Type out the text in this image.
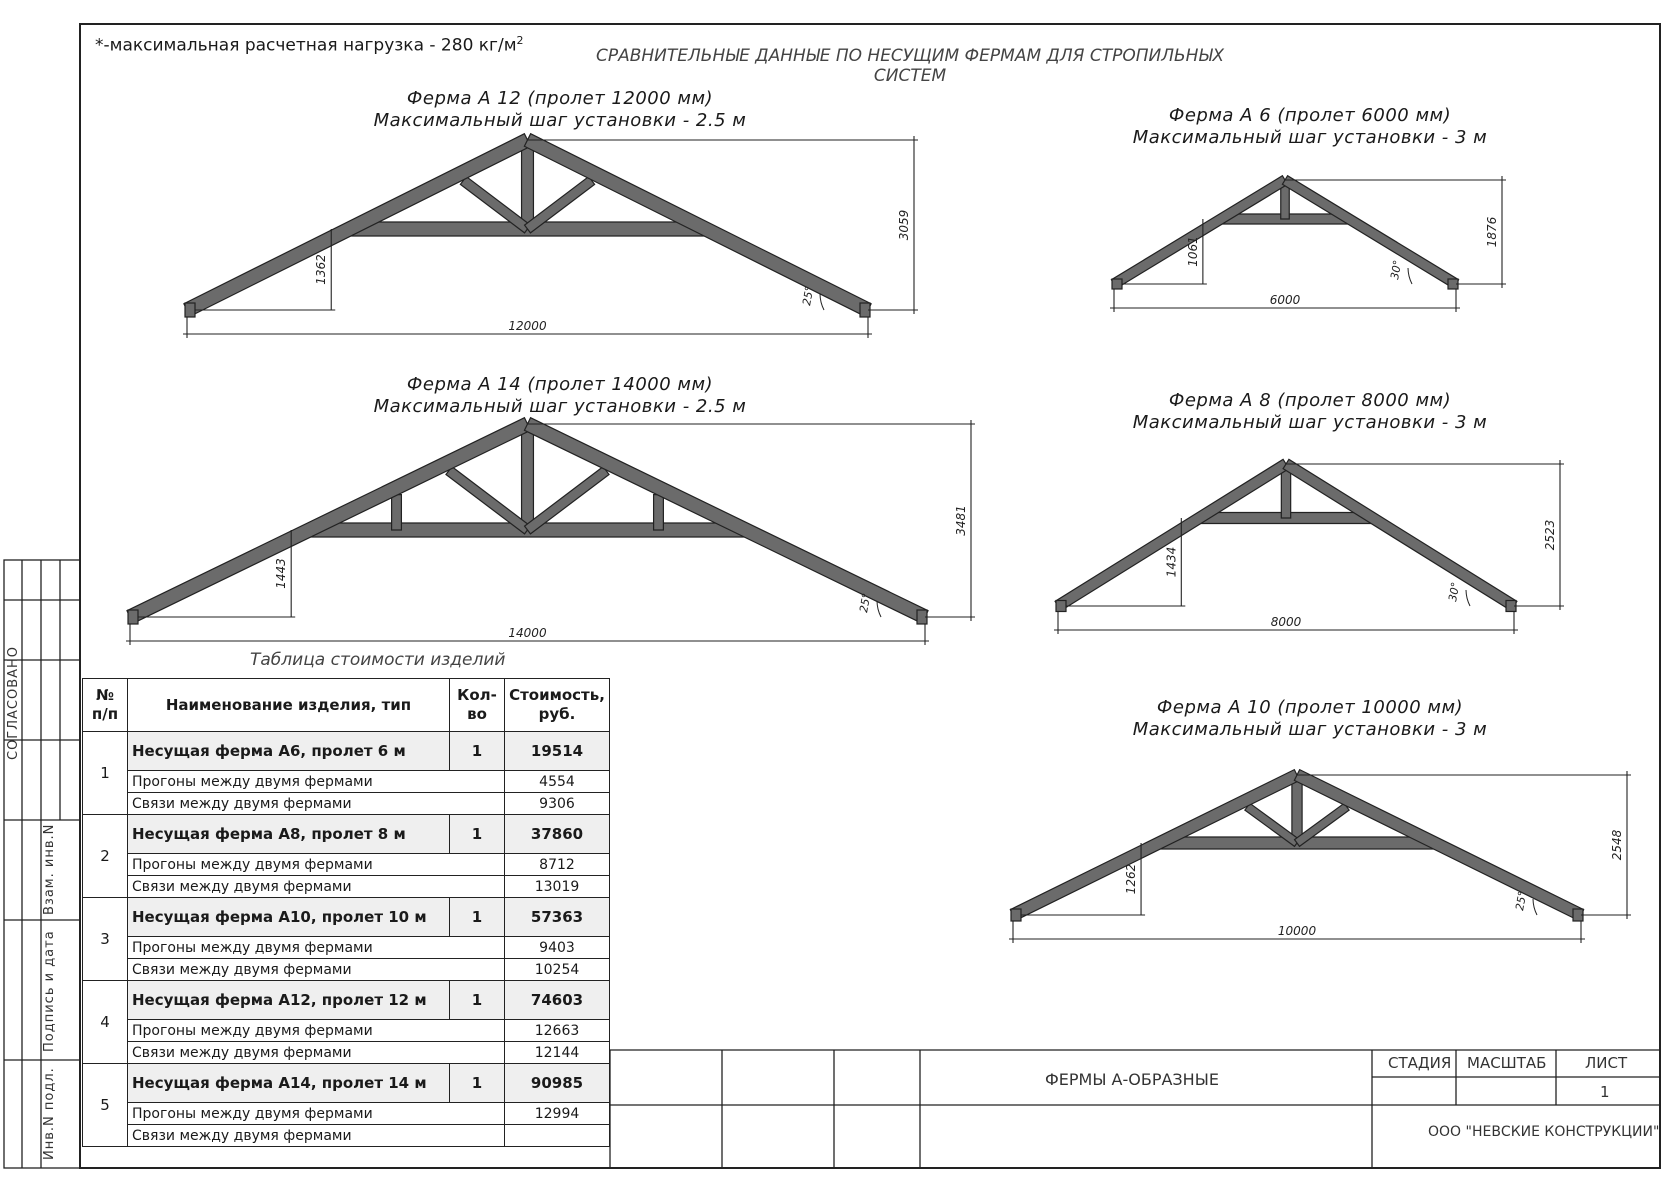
12000
3059
1362
25°
14000
3481
1443
25°
6000
1876
1061
30°
8000
2523
1434
30°
10000
2548
1262
25°
*-максимальная расчетная нагрузка - 280 $кг/м^2$
СРАВНИТЕЛЬНЫЕ ДАННЫЕ ПО НЕСУЩИМ ФЕРМАМ ДЛЯ СТРОПИЛЬНЫХ СИСТЕМ
Ферма А 12 (пролет 12000 мм)
Максимальный шаг установки - 2.5 м
Ферма А 14 (пролет 14000 мм)
Максимальный шаг установки - 2.5 м
Ферма А 6 (пролет 6000 мм)
Максимальный шаг установки - 3 м
Ферма А 8 (пролет 8000 мм)
Максимальный шаг установки - 3 м
Ферма А 10 (пролет 10000 мм)
Максимальный шаг установки - 3 м
Таблица стоимости изделий
№ п/п	Наименование изделия, тип	Кол-во	Стоимость, руб.
1	Несущая ферма А6, пролет 6 м	1	19514
	Прогоны между двумя фермами		4554
	Связи между двумя фермами		9306
2	Несущая ферма А8, пролет 8 м	1	37860
	Прогоны между двумя фермами		8712
	Связи между двумя фермами		13019
3	Несущая ферма А10, пролет 10 м	1	57363
	Прогоны между двумя фермами		9403
	Связи между двумя фермами		10254
4	Несущая ферма А12, пролет 12 м	1	74603
	Прогоны между двумя фермами		12663
	Связи между двумя фермами		12144
5	Несущая ферма А14, пролет 14 м	1	90985
	Прогоны между двумя фермами		12994
	Связи между двумя фермами		
ФЕРМЫ А-ОБРАЗНЫЕ
СТАДИЯ МАСШТАБ	ЛИСТ
1
ООО "НЕВСКИЕ КОНСТРУКЦИИ"
СОГЛАСОВАНО
Взам. инв.N
Подпись и дата
Инв.N подл.
